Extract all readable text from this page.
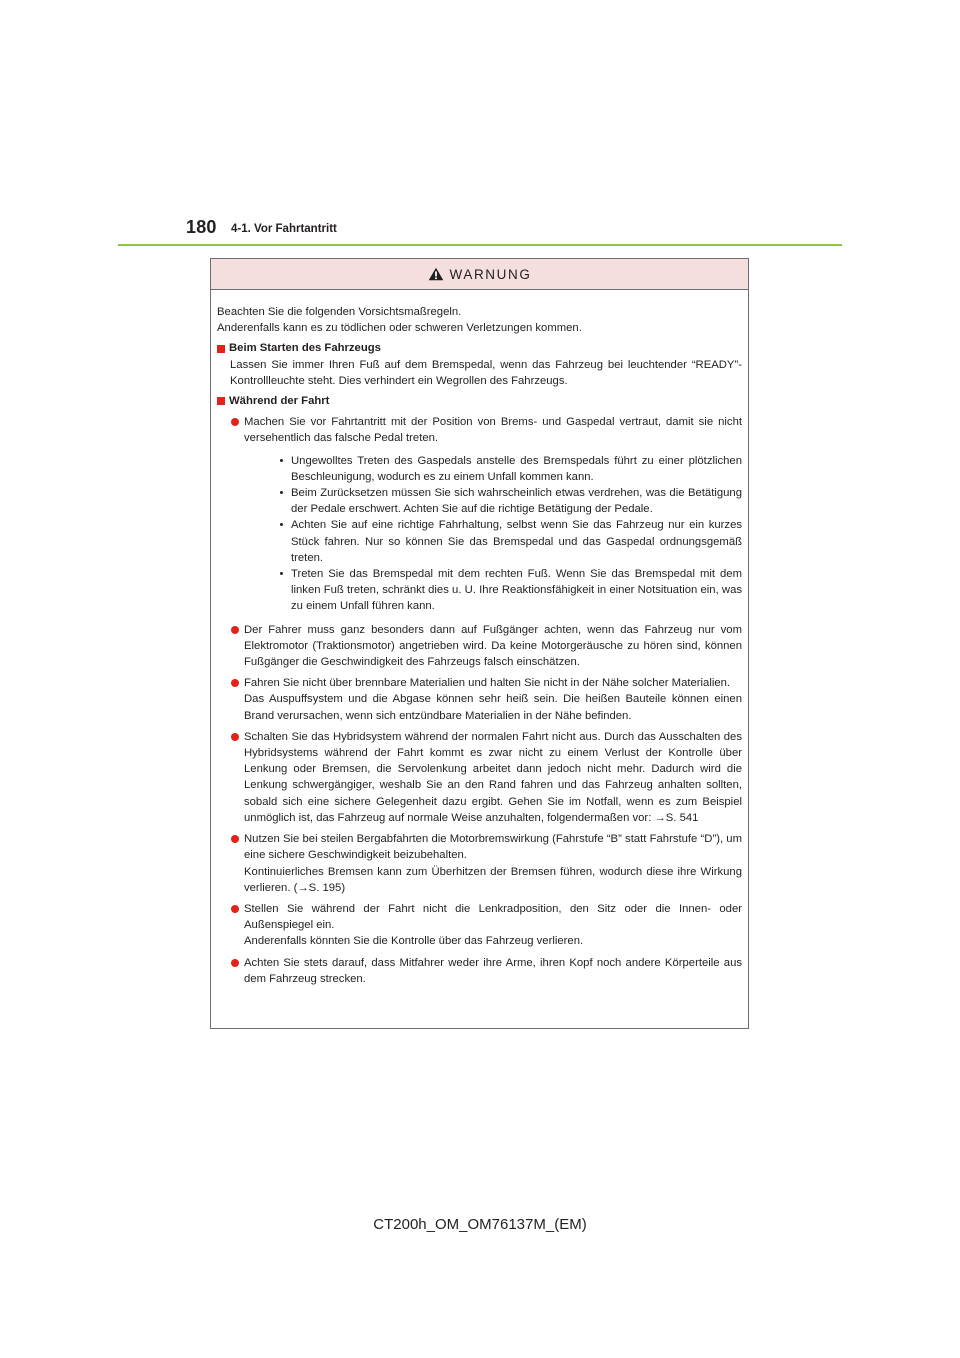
180 4-1. Vor Fahrtantritt
WARNUNG

Beachten Sie die folgenden Vorsichtsmaßregeln.

Anderenfalls kann es zu tödlichen oder schweren Verletzungen kommen.

Beim Starten des Fahrzeugs

Lassen Sie immer Ihren Fuß auf dem Bremspedal, wenn das Fahrzeug bei leuchtender “READY”-Kontrollleuchte steht. Dies verhindert ein Wegrollen des Fahrzeugs.

Während der Fahrt
Machen Sie vor Fahrtantritt mit der Position von Brems- und Gaspedal vertraut, damit sie nicht versehentlich das falsche Pedal treten.
• Ungewolltes Treten des Gaspedals anstelle des Bremspedals führt zu einer plötzlichen Beschleunigung, wodurch es zu einem Unfall kommen kann.
• Beim Zurücksetzen müssen Sie sich wahrscheinlich etwas verdrehen, was die Betätigung der Pedale erschwert. Achten Sie auf die richtige Betätigung der Pedale.
• Achten Sie auf eine richtige Fahrhaltung, selbst wenn Sie das Fahrzeug nur ein kurzes Stück fahren. Nur so können Sie das Bremspedal und das Gaspedal ordnungsgemäß treten.
• Treten Sie das Bremspedal mit dem rechten Fuß. Wenn Sie das Bremspedal mit dem linken Fuß treten, schränkt dies u. U. Ihre Reaktionsfähigkeit in einer Notsituation ein, was zu einem Unfall führen kann.
Der Fahrer muss ganz besonders dann auf Fußgänger achten, wenn das Fahrzeug nur vom Elektromotor (Traktionsmotor) angetrieben wird. Da keine Motorgeräusche zu hören sind, können Fußgänger die Geschwindigkeit des Fahrzeugs falsch einschätzen.
Fahren Sie nicht über brennbare Materialien und halten Sie nicht in der Nähe solcher Materialien.
Das Auspuffsystem und die Abgase können sehr heiß sein. Die heißen Bauteile können einen Brand verursachen, wenn sich entzündbare Materialien in der Nähe befinden.
Schalten Sie das Hybridsystem während der normalen Fahrt nicht aus. Durch das Ausschalten des Hybridsystems während der Fahrt kommt es zwar nicht zu einem Verlust der Kontrolle über Lenkung oder Bremsen, die Servolenkung arbeitet dann jedoch nicht mehr. Dadurch wird die Lenkung schwergängiger, weshalb Sie an den Rand fahren und das Fahrzeug anhalten sollten, sobald sich eine sichere Gelegenheit dazu ergibt. Gehen Sie im Notfall, wenn es zum Beispiel unmöglich ist, das Fahrzeug auf normale Weise anzuhalten, folgendermaßen vor: →S. 541
Nutzen Sie bei steilen Bergabfahrten die Motorbremswirkung (Fahrstufe “B” statt Fahrstufe “D”), um eine sichere Geschwindigkeit beizubehalten.
Kontinuierliches Bremsen kann zum Überhitzen der Bremsen führen, wodurch diese ihre Wirkung verlieren. (→S. 195)
Stellen Sie während der Fahrt nicht die Lenkradposition, den Sitz oder die Innen- oder Außenspiegel ein.
Anderenfalls könnten Sie die Kontrolle über das Fahrzeug verlieren.
Achten Sie stets darauf, dass Mitfahrer weder ihre Arme, ihren Kopf noch andere Körperteile aus dem Fahrzeug strecken.
CT200h_OM_OM76137M_(EM)
